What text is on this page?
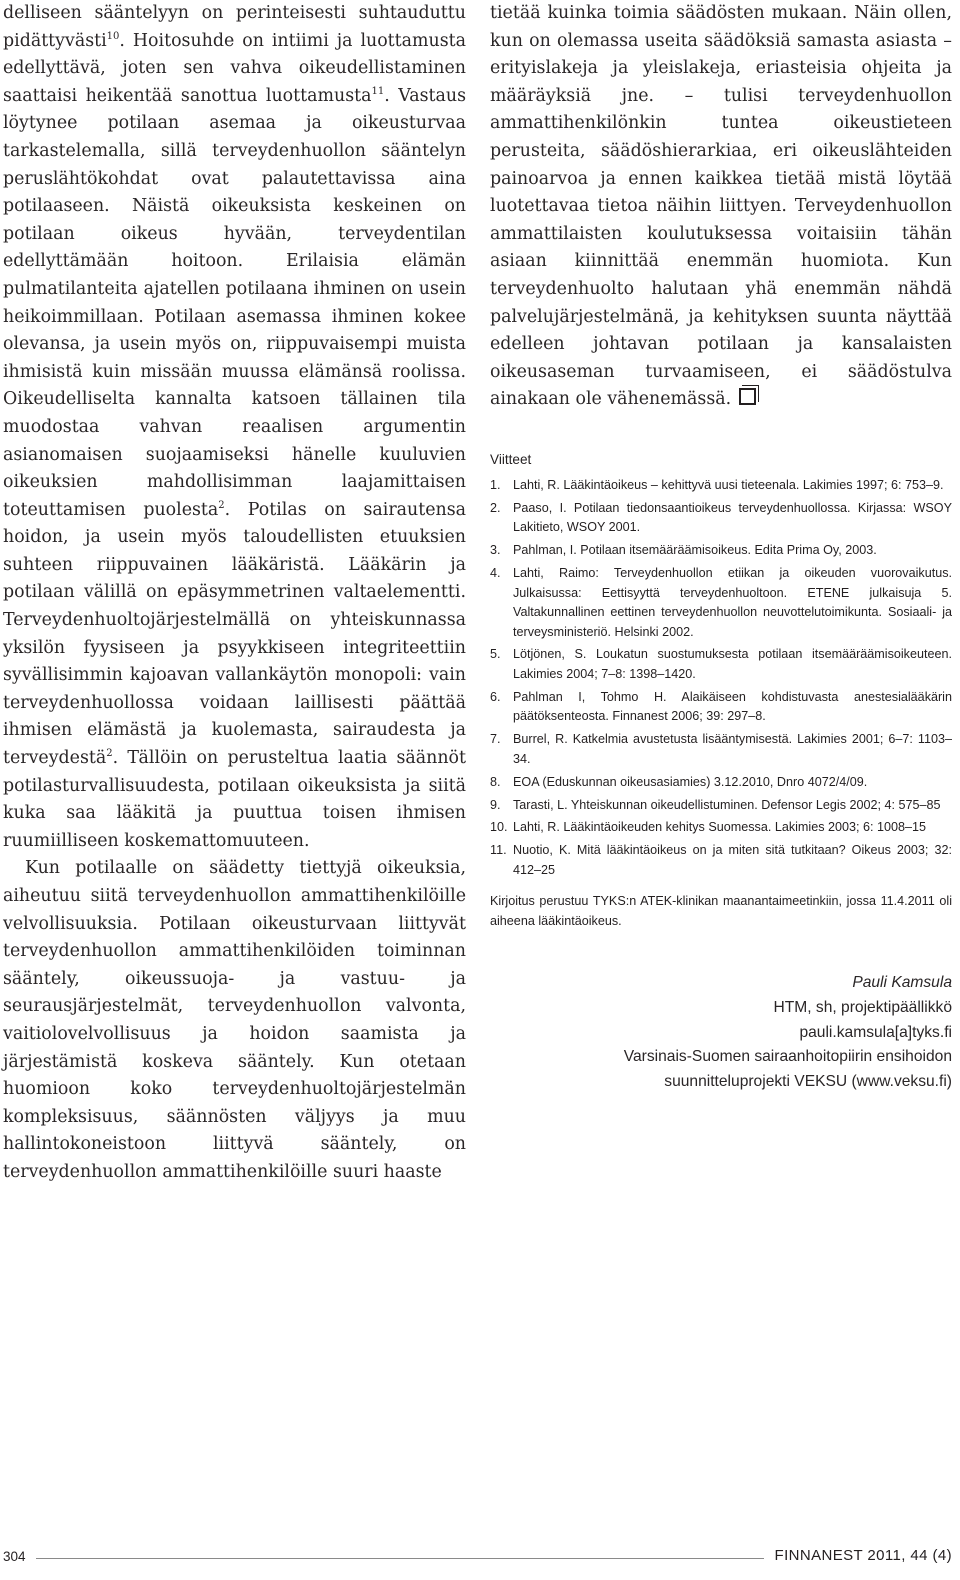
delliseen sääntelyyn on perinteisesti suhtauduttu pidättyvästi$^{10}$. Hoitosuhde on intiimi ja luottamusta edellyttävä, joten sen vahva oikeudellistaminen saattaisi heikentää sanottua luottamusta$^{11}$. Vastaus löytynee potilaan asemaa ja oikeusturvaa tarkastelemalla, sillä terveydenhuollon sääntelyn peruslähtökohdat ovat palautettavissa aina potilaaseen. Näistä oikeuksista keskeinen on potilaan oikeus hyvään, terveydentilan edellyttämään hoitoon. Erilaisia elämän pulmatilanteita ajatellen potilaana ihminen on usein heikoimmillaan. Potilaan asemassa ihminen kokee olevansa, ja usein myös on, riippuvaisempi muista ihmisistä kuin missään muussa elämänsä roolissa. Oikeudelliselta kannalta katsoen tällainen tila muodostaa vahvan reaalisen argumentin asianomaisen suojaamiseksi hänelle kuuluvien oikeuksien mahdollisimman laajamittaisen toteuttamisen puolesta$^2$. Potilas on sairautensa hoidon, ja usein myös taloudellisten etuuksien suhteen riippuvainen lääkäristä. Lääkärin ja potilaan välillä on epäsymmetrinen valtaelementti. Terveydenhuoltojärjestelmällä on yhteiskunnassa yksilön fyysiseen ja psyykkiseen integriteettiin syvällisimmin kajoavan vallankäytön monopoli: vain terveydenhuollossa voidaan laillisesti päättää ihmisen elämästä ja kuolemasta, sairaudesta ja terveydestä$^2$. Tällöin on perusteltua laatia säännöt potilasturvallisuudesta, potilaan oikeuksista ja siitä kuka saa lääkitä ja puuttua toisen ihmisen ruumiilliseen koskemattomuuteen.

Kun potilaalle on säädetty tiettyjä oikeuksia, aiheutuu siitä terveydenhuollon ammattihenkilöille velvollisuuksia. Potilaan oikeusturvaan liittyvät terveydenhuollon ammattihenkilöiden toiminnan sääntely, oikeussuoja- ja vastuu- ja seurausjärjestelmät, terveydenhuollon valvonta, vaitiolovelvollisuus ja hoidon saamista ja järjestämistä koskeva sääntely. Kun otetaan huomioon koko terveydenhuoltojärjestelmän kompleksisuus, säännösten väljyys ja muu hallintokoneistoon liittyvä sääntely, on terveydenhuollon ammattihenkilöille suuri haaste

tietää kuinka toimia säädösten mukaan. Näin ollen, kun on olemassa useita säädöksiä samasta asiasta – erityislakeja ja yleislakeja, eriasteisia ohjeita ja määräyksiä jne. – tulisi terveydenhuollon ammattihenkilönkin tuntea oikeustieteen perusteita, säädöshierarkiaa, eri oikeuslähteiden painoarvoa ja ennen kaikkea tietää mistä löytää luotettavaa tietoa näihin liittyen. Terveydenhuollon ammattilaisten koulutuksessa voitaisiin tähän asiaan kiinnittää enemmän huomiota. Kun terveydenhuolto halutaan yhä enemmän nähdä palvelujärjestelmänä, ja kehityksen suunta näyttää edelleen johtavan potilaan ja kansalaisten oikeusaseman turvaamiseen, ei säädöstulva ainakaan ole vähenemässä.

Viitteet
1. Lahti, R. Lääkintäoikeus – kehittyvä uusi tieteenala. Lakimies 1997; 6: 753–9.
2. Paaso, I. Potilaan tiedonsaantioikeus terveydenhuollossa. Kirjassa: WSOY Lakitieto, WSOY 2001.
3. Pahlman, I. Potilaan itsemääräämisoikeus. Edita Prima Oy, 2003.
4. Lahti, Raimo: Terveydenhuollon etiikan ja oikeuden vuorovaikutus. Julkaisussa: Eettisyyttä terveydenhuoltoon. ETENE julkaisuja 5. Valtakunnallinen eettinen terveydenhuollon neuvottelutoimikunta. Sosiaali- ja terveysministeriö. Helsinki 2002.
5. Lötjönen, S. Loukatun suostumuksesta potilaan itsemääräämisoikeuteen. Lakimies 2004; 7–8: 1398–1420.
6. Pahlman I, Tohmo H. Alaikäiseen kohdistuvasta anestesialääkärin päätöksenteosta. Finnanest 2006; 39: 297–8.
7. Burrel, R. Katkelmia avustetusta lisääntymisestä. Lakimies 2001; 6–7: 1103–34.
8. EOA (Eduskunnan oikeusasiamies) 3.12.2010, Dnro 4072/4/09.
9. Tarasti, L. Yhteiskunnan oikeudellistuminen. Defensor Legis 2002; 4: 575–85
10. Lahti, R. Lääkintäoikeuden kehitys Suomessa. Lakimies 2003; 6: 1008–15
11. Nuotio, K. Mitä lääkintäoikeus on ja miten sitä tutkitaan? Oikeus 2003; 32: 412–25

Kirjoitus perustuu TYKS:n ATEK-klinikan maanantaimeetinkiin, jossa 11.4.2011 oli aiheena lääkintäoikeus.

Pauli Kamsula
HTM, sh, projektipäällikkö
pauli.kamsula[a]tyks.fi
Varsinais-Suomen sairaanhoitopiirin ensihoidon
suunnitteluprojekti VEKSU (www.veksu.fi)
304	FINNANEST 2011, 44 (4)
